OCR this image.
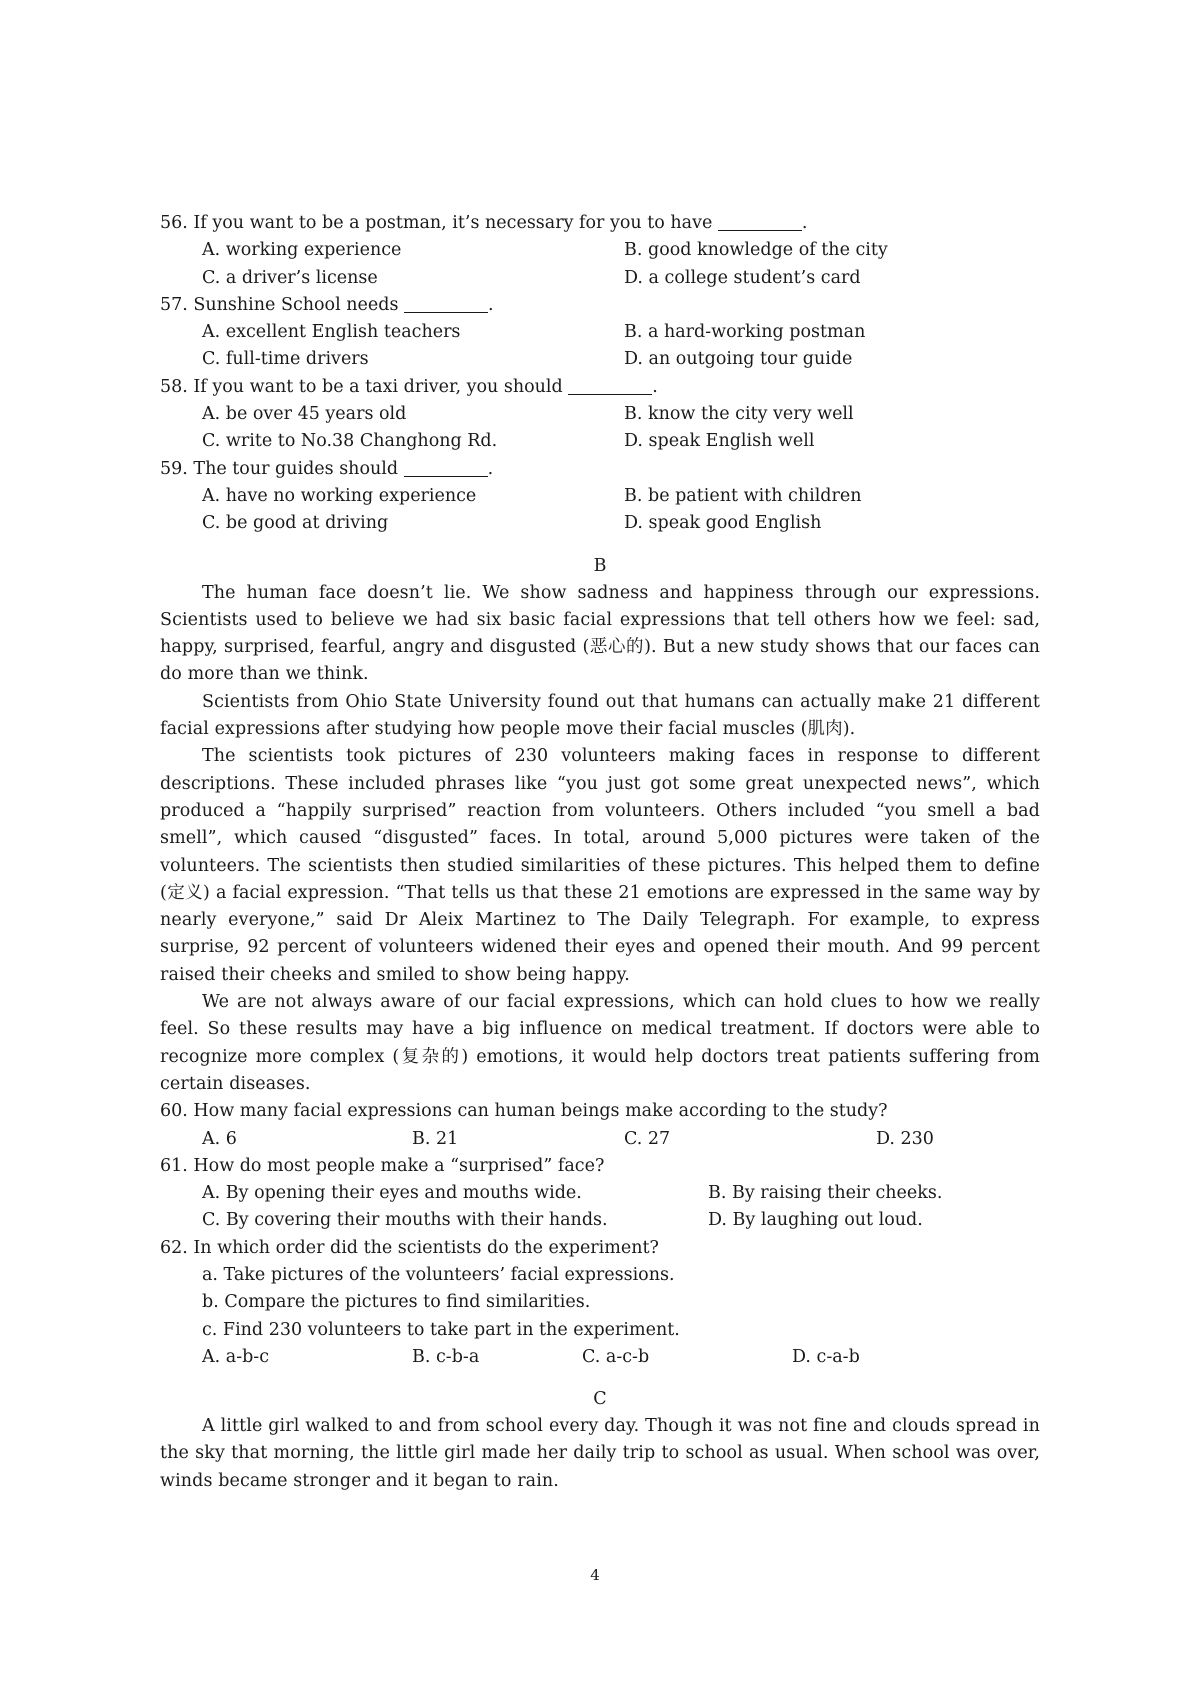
56. If you want to be a postman, it’s necessary for you to have	.
A. working experience	B. good knowledge of the city
C. a driver’s license	D. a college student’s card
57. Sunshine School needs	.
A. excellent English teachers	B. a hard-working postman
C. full-time drivers	D. an outgoing tour guide
58. If you want to be a taxi driver, you should	.
A. be over 45 years old	B. know the city very well
C. write to No.38 Changhong Rd.	D. speak English well
59. The tour guides should	.
A. have no working experience	B. be patient with children
C. be good at driving	D. speak good English
B

The human face doesn’t lie. We show sadness and happiness through our expressions. Scientists used to believe we had six basic facial expressions that tell others how we feel: sad, happy, surprised, fearful, angry and disgusted (恶心的). But a new study shows that our faces can do more than we think.

Scientists from Ohio State University found out that humans can actually make 21 different facial expressions after studying how people move their facial muscles (肌肉).

The scientists took pictures of 230 volunteers making faces in response to different descriptions. These included phrases like “you just got some great unexpected news”, which produced a “happily surprised” reaction from volunteers. Others included “you smell a bad smell”, which caused “disgusted” faces. In total, around 5,000 pictures were taken of the volunteers. The scientists then studied similarities of these pictures. This helped them to define (定义) a facial expression. “That tells us that these 21 emotions are expressed in the same way by nearly everyone,” said Dr Aleix Martinez to The Daily Telegraph. For example, to express surprise, 92 percent of volunteers widened their eyes and opened their mouth. And 99 percent raised their cheeks and smiled to show being happy.

We are not always aware of our facial expressions, which can hold clues to how we really feel. So these results may have a big influence on medical treatment. If doctors were able to recognize more complex (复杂的) emotions, it would help doctors treat patients suffering from certain diseases.

60. How many facial expressions can human beings make according to the study?
A. 6	B. 21	C. 27	D. 230
61. How do most people make a “surprised” face?
A. By opening their eyes and mouths wide.	B. By raising their cheeks.
C. By covering their mouths with their hands.	D. By laughing out loud.
62. In which order did the scientists do the experiment?
a. Take pictures of the volunteers’ facial expressions.
b. Compare the pictures to find similarities.
c. Find 230 volunteers to take part in the experiment.
A. a-b-c	B. c-b-a	C. a-c-b	D. c-a-b
C

A little girl walked to and from school every day. Though it was not fine and clouds spread in the sky that morning, the little girl made her daily trip to school as usual. When school was over, winds became stronger and it began to rain.

4
